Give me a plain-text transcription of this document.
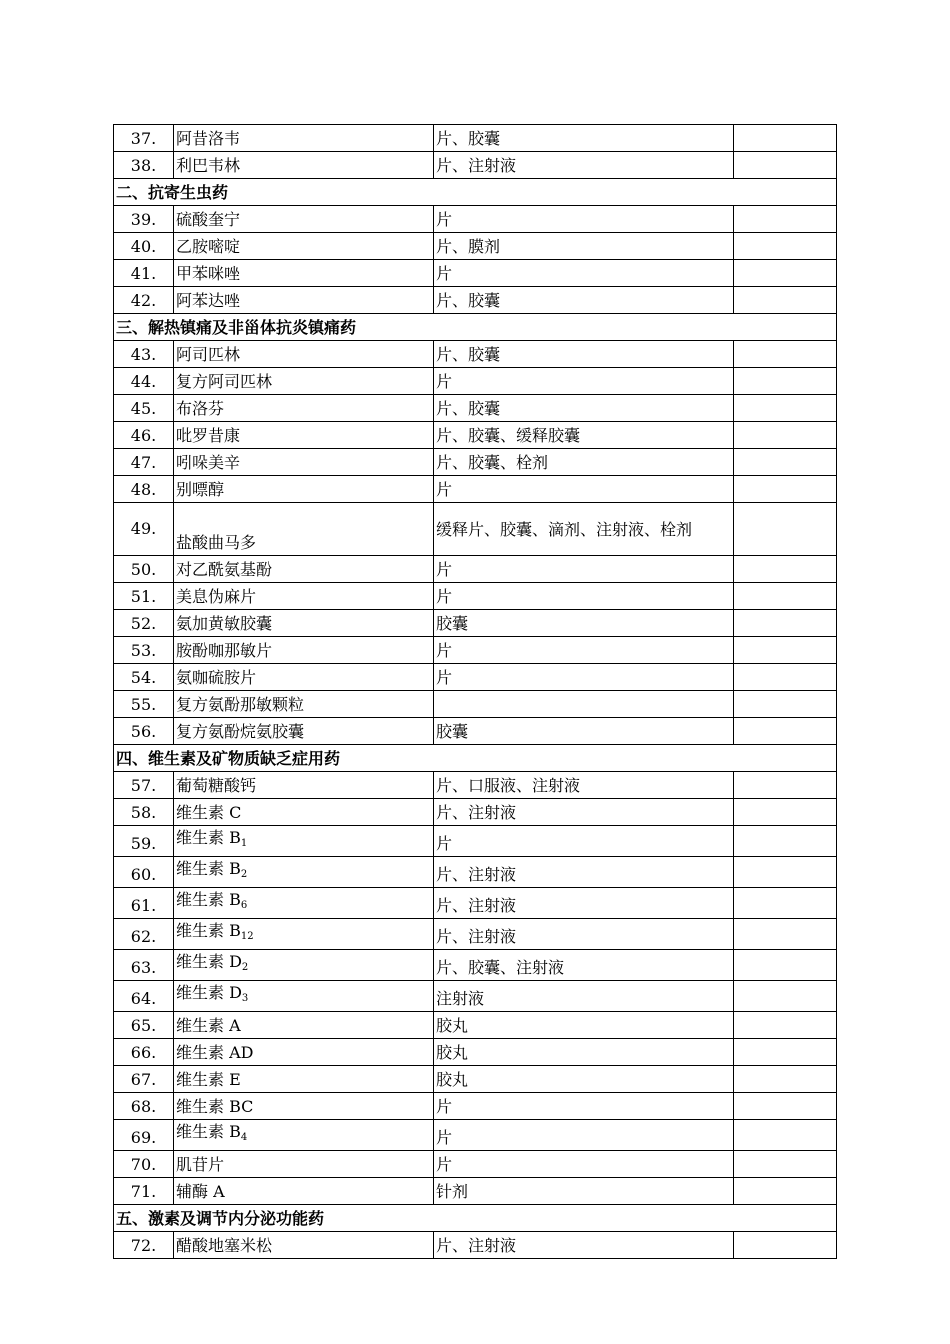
37.	阿昔洛韦	片、胶囊	
38.	利巴韦林	片、注射液	
二、抗寄生虫药			
39.	硫酸奎宁	片	
40.	乙胺嘧啶	片、膜剂	
41.	甲苯咪唑	片	
42.	阿苯达唑	片、胶囊	
三、解热镇痛及非甾体抗炎镇痛药			
43.	阿司匹林	片、胶囊	
44.	复方阿司匹林	片	
45.	布洛芬	片、胶囊	
46.	吡罗昔康	片、胶囊、缓释胶囊	
47.	吲哚美辛	片、胶囊、栓剂	
48.	别嘌醇	片	
49.	盐酸曲马多	缓释片、胶囊、滴剂、注射液、栓剂	
50.	对乙酰氨基酚	片	
51.	美息伪麻片	片	
52.	氨加黄敏胶囊	胶囊	
53.	胺酚咖那敏片	片	
54.	氨咖硫胺片	片	
55.	复方氨酚那敏颗粒		
56.	复方氨酚烷氨胶囊	胶囊	
四、维生素及矿物质缺乏症用药			
57.	葡萄糖酸钙	片、口服液、注射液	
58.	维生素 C	片、注射液	
59.	维生素 $B_1$	片	
60.	维生素 $B_2$	片、注射液	
61.	维生素 $B_6$	片、注射液	
62.	维生素 $B_{12}$	片、注射液	
63.	维生素 $D_2$	片、胶囊、注射液	
64.	维生素 $D_3$	注射液	
65.	维生素 A	胶丸	
66.	维生素 AD	胶丸	
67.	维生素 E	胶丸	
68.	维生素 BC	片	
69.	维生素 $B_4$	片	
70.	肌苷片	片	
71.	辅酶 A	针剂	
五、激素及调节内分泌功能药			
72.	醋酸地塞米松	片、注射液	
